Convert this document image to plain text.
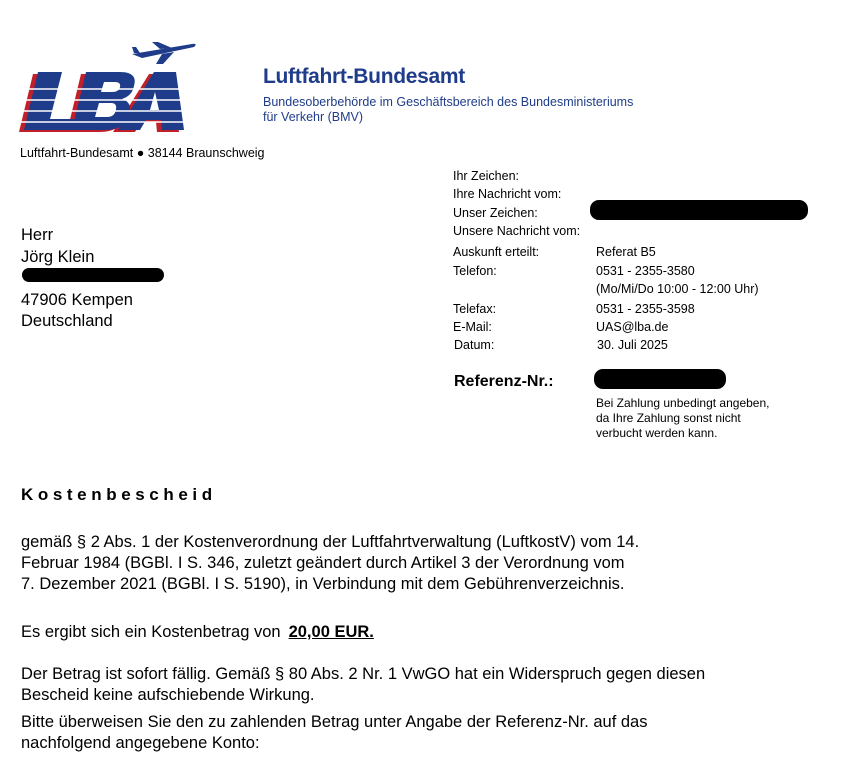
Luftfahrt-Bundesamt
Bundesoberbehörde im Geschäftsbereich des Bundesministeriums
für Verkehr (BMV)
Luftfahrt-Bundesamt ● 38144 Braunschweig
Herr
Jörg Klein
47906 Kempen
Deutschland
Ihr Zeichen:
Ihre Nachricht vom:
Unser Zeichen:
Unsere Nachricht vom:
Auskunft erteilt:	Referat B5
Telefon:	0531 - 2355-3580
(Mo/Mi/Do 10:00 - 12:00 Uhr)
Telefax:	0531 - 2355-3598
E-Mail:	UAS@lba.de
Datum:	30. Juli 2025
Referenz-Nr.:
Bei Zahlung unbedingt angeben,
da Ihre Zahlung sonst nicht
verbucht werden kann.
Kostenbescheid
gemäß § 2 Abs. 1 der Kostenverordnung der Luftfahrtverwaltung (LuftkostV) vom 14.
Februar 1984 (BGBl. I S. 346, zuletzt geändert durch Artikel 3 der Verordnung vom
7. Dezember 2021 (BGBl. I S. 5190), in Verbindung mit dem Gebührenverzeichnis.
Es ergibt sich ein Kostenbetrag von 20,00 EUR.
Der Betrag ist sofort fällig. Gemäß § 80 Abs. 2 Nr. 1 VwGO hat ein Widerspruch gegen diesen
Bescheid keine aufschiebende Wirkung.
Bitte überweisen Sie den zu zahlenden Betrag unter Angabe der Referenz-Nr. auf das
nachfolgend angegebene Konto:
